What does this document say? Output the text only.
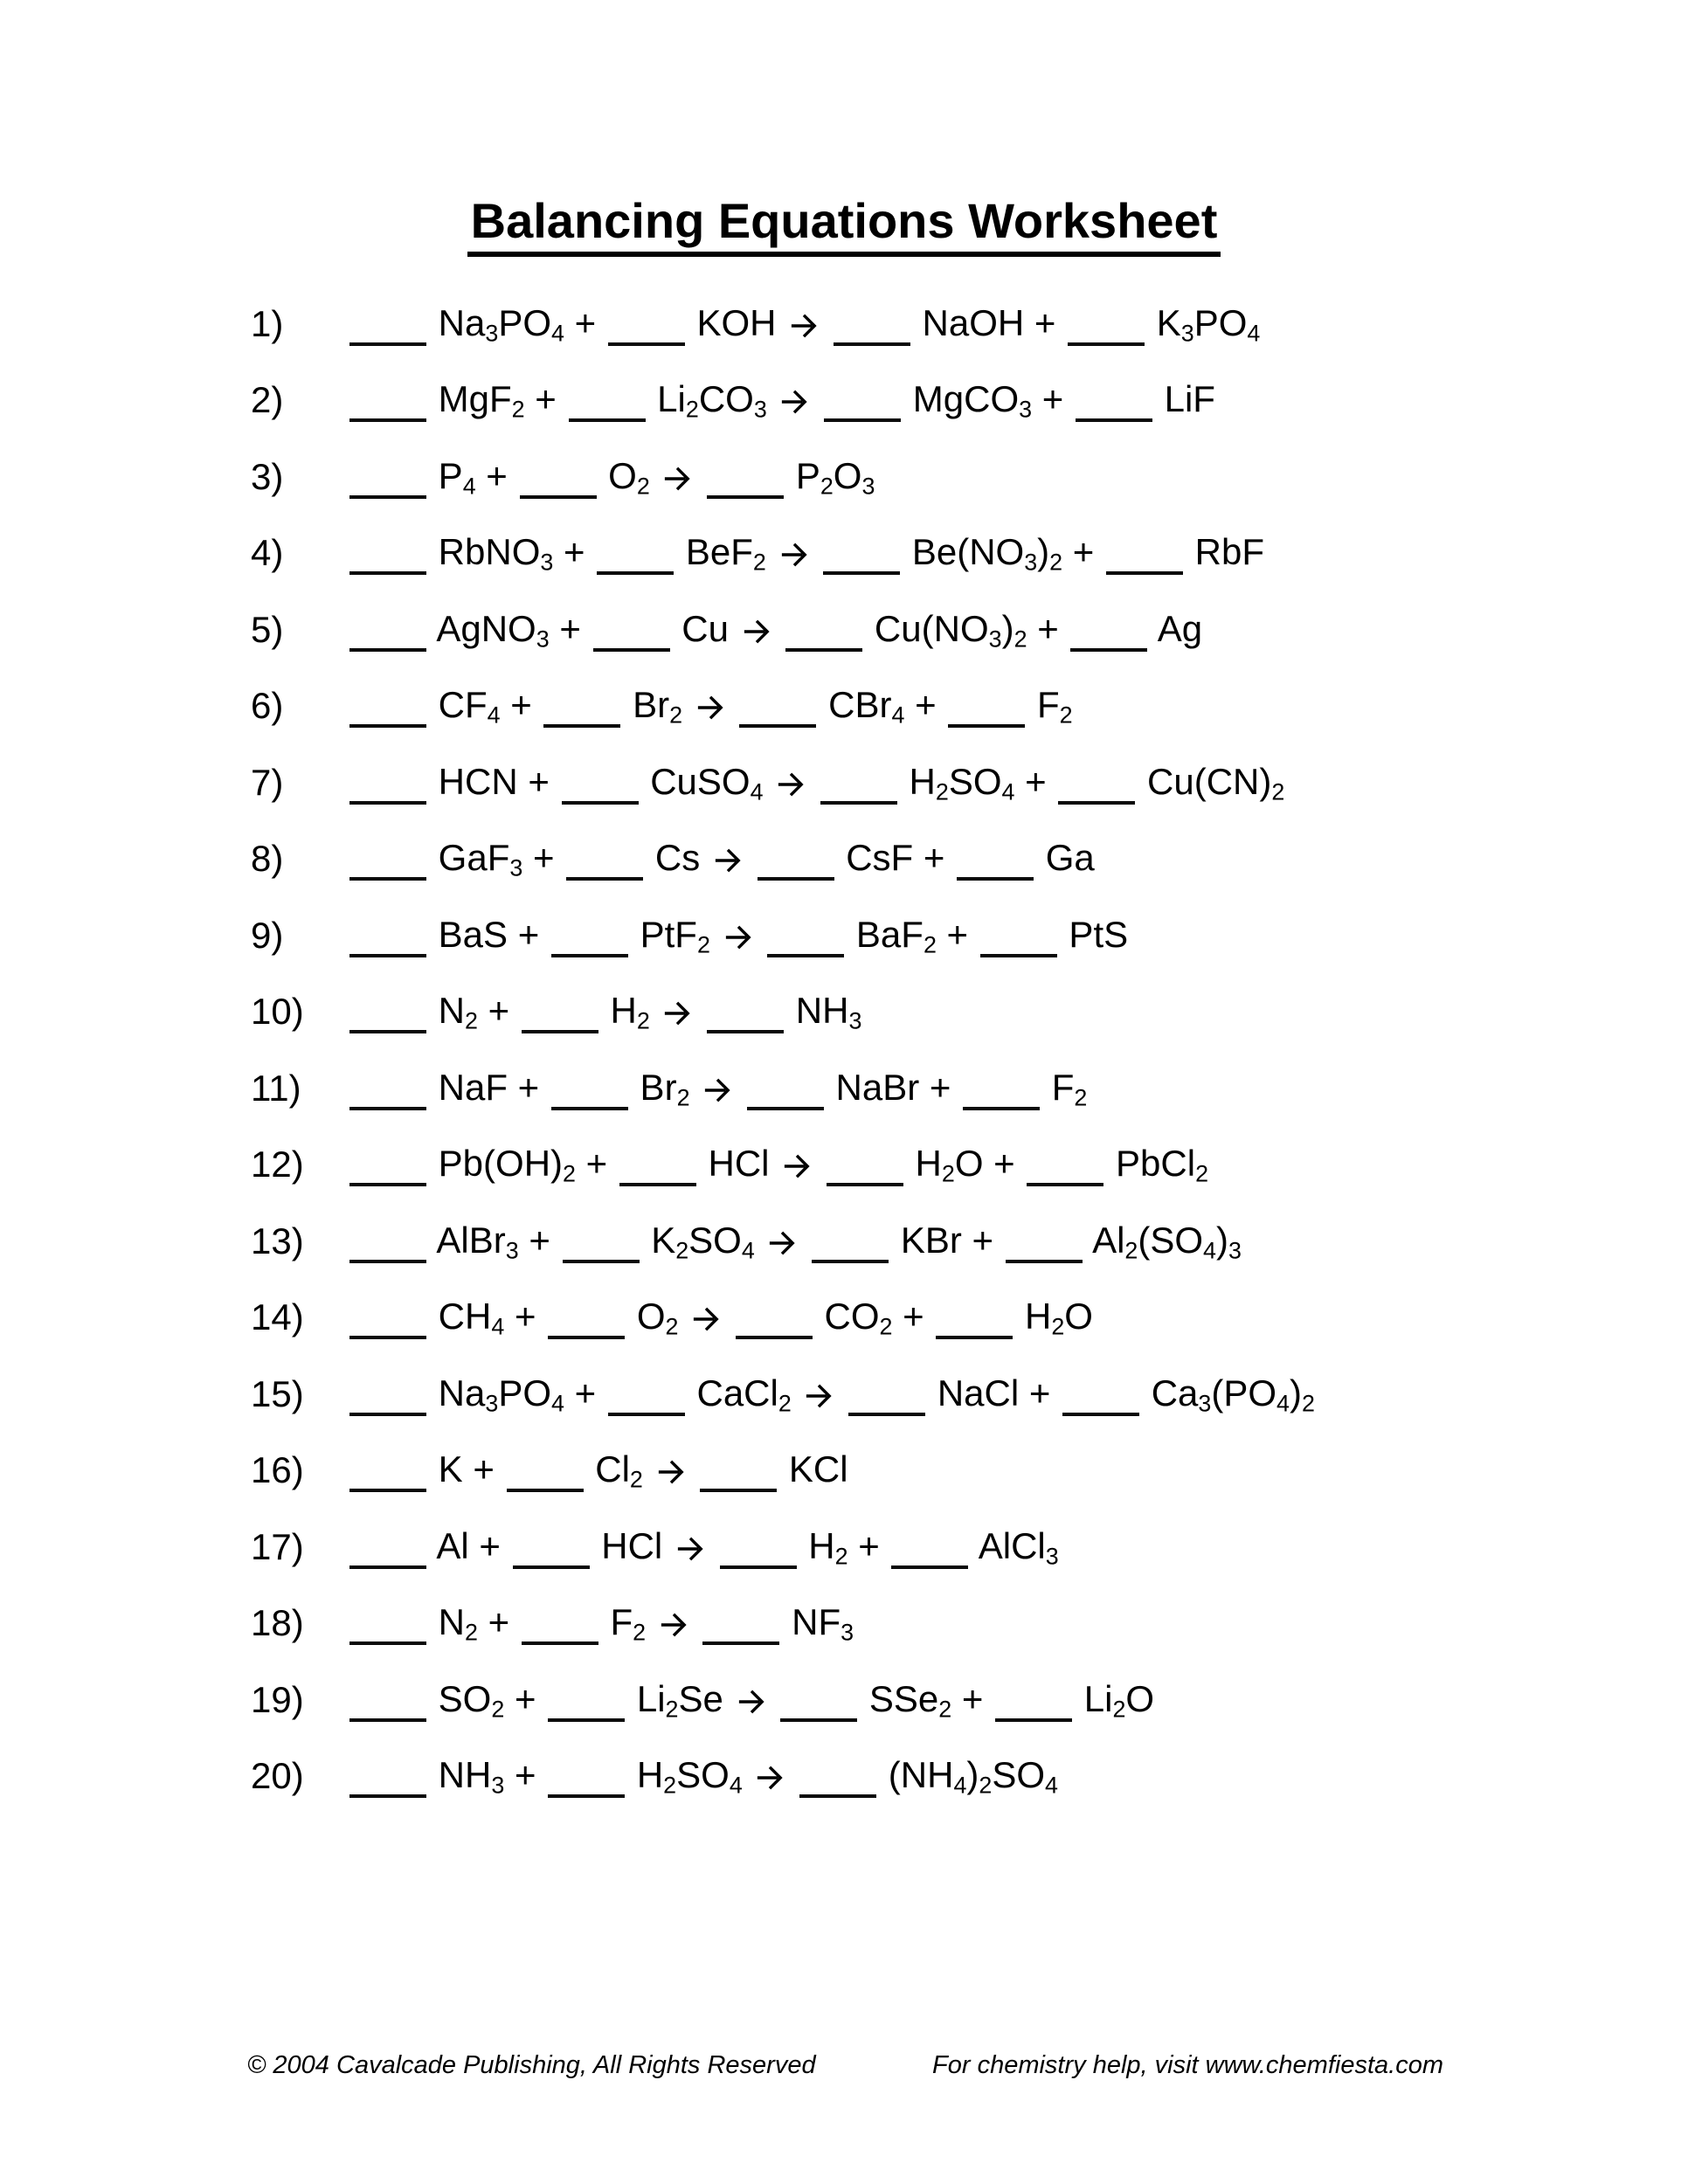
Balancing Equations Worksheet
1)	$Na_3PO_4$ +  KOH	NaOH +  $K_3PO_4$
2)	$MgF_2 + Li_2CO_3$	MgCO$_3$ +  LiF
3)	$P_4 + O_2$	$P_2O_3$
4)	RbNO$_3$ +  BeF$_2$	$Be(NO_3)_2$ +  RbF
5)	AgNO$_3$ +  Cu	$Cu(NO_3)_2 + Ag$
6)	$CF_4 + Br_2$	$CBr_4 + F_2$
7)	HCN +  CuSO$_4$	$H_2SO_4 + Cu(CN)_2$
8)	GaF$_3$ +  Cs	CsF +  Ga
9)	BaS +  PtF$_2$	BaF$_2$ +  PtS
10)	$N_2 + H_2$	$NH_3$
11)	NaF +  $Br_2$	NaBr +  $F_2$
12)	$Pb(OH)_2$ +  HCl	$H_2O$ +  PbCl$_2$
13)	AlBr$_3$ +  $K_2SO_4$	KBr +  $Al_2(SO_4)_3$
14)	$CH_4 + O_2$	$CO_2 + H_2O$
15)	$Na_3PO_4$ +  CaCl$_2$	NaCl +  $Ca_3(PO_4)_2$
16)	$K + Cl_2$	KCl
17)	Al +  HCl	$H_2$ +  AlCl$_3$
18)	$N_2 + F_2$	$NF_3$
19)	$SO_2 + Li_2Se$	$SSe_2 + Li_2O$
20)	$NH_3 + H_2SO_4$	$(NH_4)_2SO_4$
© 2004 Cavalcade Publishing, All Rights Reserved	For chemistry help, visit www.chemfiesta.com
